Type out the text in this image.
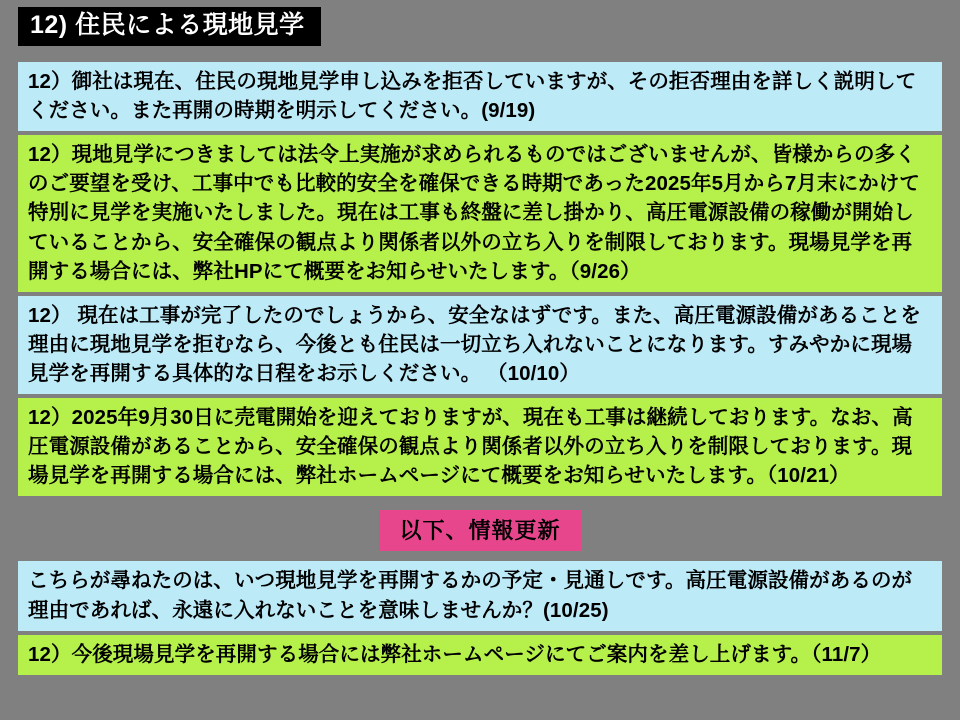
12) 住民による現地見学
12）御社は現在、住民の現地見学申し込みを拒否していますが、その拒否理由を詳しく説明してください。また再開の時期を明示してください。(9/19)
12）現地見学につきましては法令上実施が求められるものではございませんが、皆様からの多くのご要望を受け、工事中でも比較的安全を確保できる時期であった2025年5月から7月末にかけて特別に見学を実施いたしました。現在は工事も終盤に差し掛かり、高圧電源設備の稼働が開始していることから、安全確保の観点より関係者以外の立ち入りを制限しております。現場見学を再開する場合には、弊社HPにて概要をお知らせいたします。（9/26）
12） 現在は工事が完了したのでしょうから、安全なはずです。また、高圧電源設備があることを理由に現地見学を拒むなら、今後とも住民は一切立ち入れないことになります。すみやかに現場見学を再開する具体的な日程をお示しください。 （10/10）
12）2025年9月30日に売電開始を迎えておりますが、現在も工事は継続しております。なお、高圧電源設備があることから、安全確保の観点より関係者以外の立ち入りを制限しております。現場見学を再開する場合には、弊社ホームページにて概要をお知らせいたします。（10/21）
以下、情報更新
こちらが尋ねたのは、いつ現地見学を再開するかの予定・見通しです。高圧電源設備があるのが理由であれば、永遠に入れないことを意味しませんか？(10/25)
12）今後現場見学を再開する場合には弊社ホームページにてご案内を差し上げます。（11/7）
